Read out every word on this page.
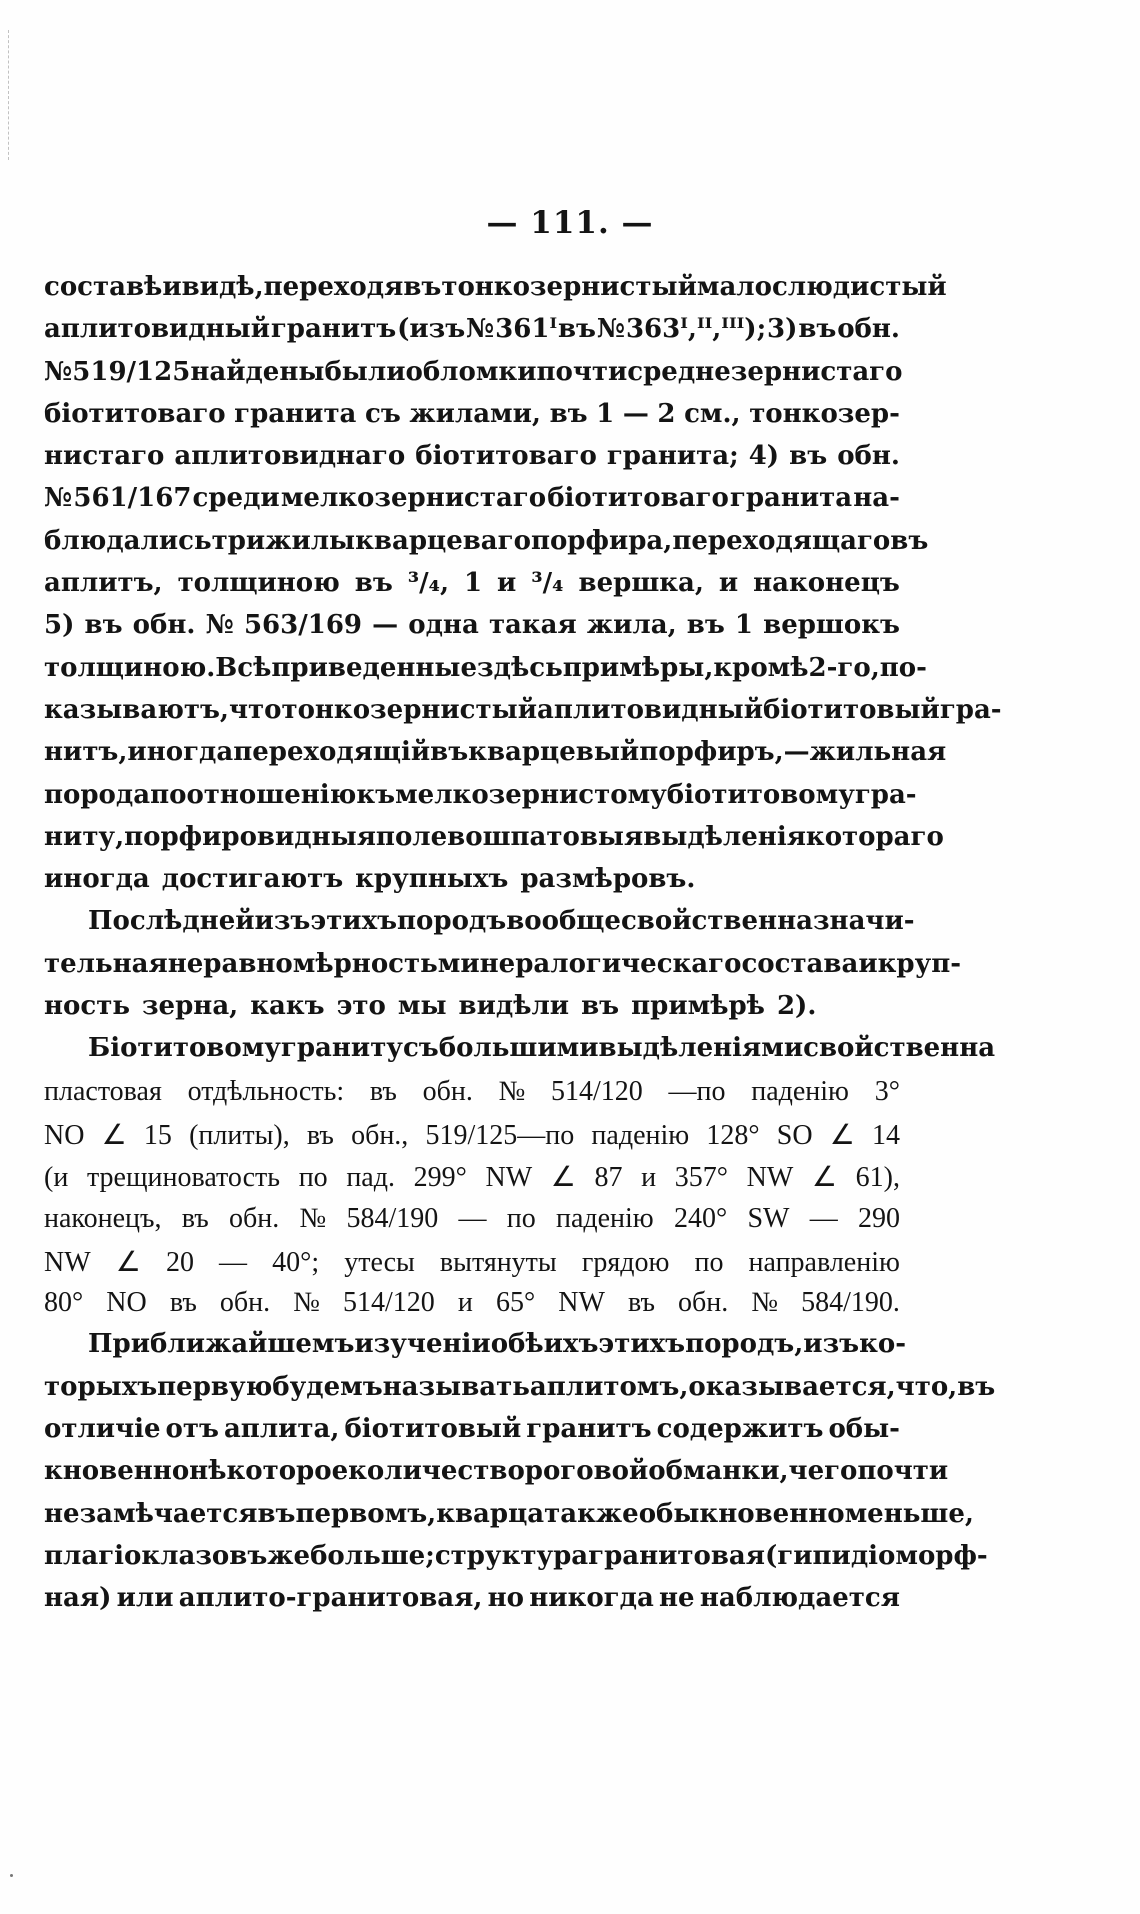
— 111. —
составѣ и видѣ, переходя въ тонкозернистый малослюдистый
аплитовидный гранитъ (изъ № 361ᴵ въ № 363ᴵ,ᴵᴵ,ᴵᴵᴵ); 3) въ обн.
№ 519/125 найдены были обломки почти среднезернистаго
біотитоваго гранита съ жилами, въ 1 — 2 см., тонкозер-
нистаго аплитовиднаго біотитоваго гранита; 4) въ обн.
№ 561/167 среди мелкозернистаго біотитоваго гранита на-
блюдались три жилы кварцеваго порфира, переходящаго въ
аплитъ, толщиною въ ³/₄, 1 и ³/₄ вершка, и наконецъ
5) въ обн. № 563/169 — одна такая жила, въ 1 вершокъ
толщиною. Всѣ приведенные здѣсь примѣры, кромѣ 2-го, по-
казываютъ, что тонкозернистый аплитовидный біотитовый гра-
нитъ, иногда переходящій въ кварцевый порфиръ,—жильная
порода по отношенію къ мелкозернистому біотитовому гра-
ниту, порфировидныя полевошпатовыя выдѣленія котораго
иногда достигаютъ крупныхъ размѣровъ.
Послѣдней изъ этихъ породъ вообще свойственна значи-
тельная неравномѣрность минералогическаго состава и круп-
ность зерна, какъ это мы видѣли въ примѣрѣ 2).
Біотитовому граниту съ большими выдѣленіями свойственна
пластовая отдѣльность: въ обн. № 514/120 —по паденію 3°
NO ∠ 15 (плиты), въ обн., 519/125—по паденію 128° SO ∠ 14
(и трещиноватость по пад. 299° NW ∠ 87 и 357° NW ∠ 61),
наконецъ, въ обн. № 584/190 — по паденію 240° SW — 290
NW ∠ 20 — 40°; утесы вытянуты грядою по направленію
80° NO въ обн. № 514/120 и 65° NW въ обн. № 584/190.
При ближайшемъ изученіи обѣихъ этихъ породъ, изъ ко-
торыхъ первую будемъ называть аплитомъ, оказывается, что, въ
отличіе отъ аплита, біотитовый гранитъ содержитъ обы-
кновенно нѣкоторое количество роговой обманки, чего почти
не замѣчается въ первомъ, кварца также обыкновенно меньше,
плагіоклазовъ же больше; структура гранитовая (гипидіоморф-
ная) или аплито-гранитовая, но никогда не наблюдается
